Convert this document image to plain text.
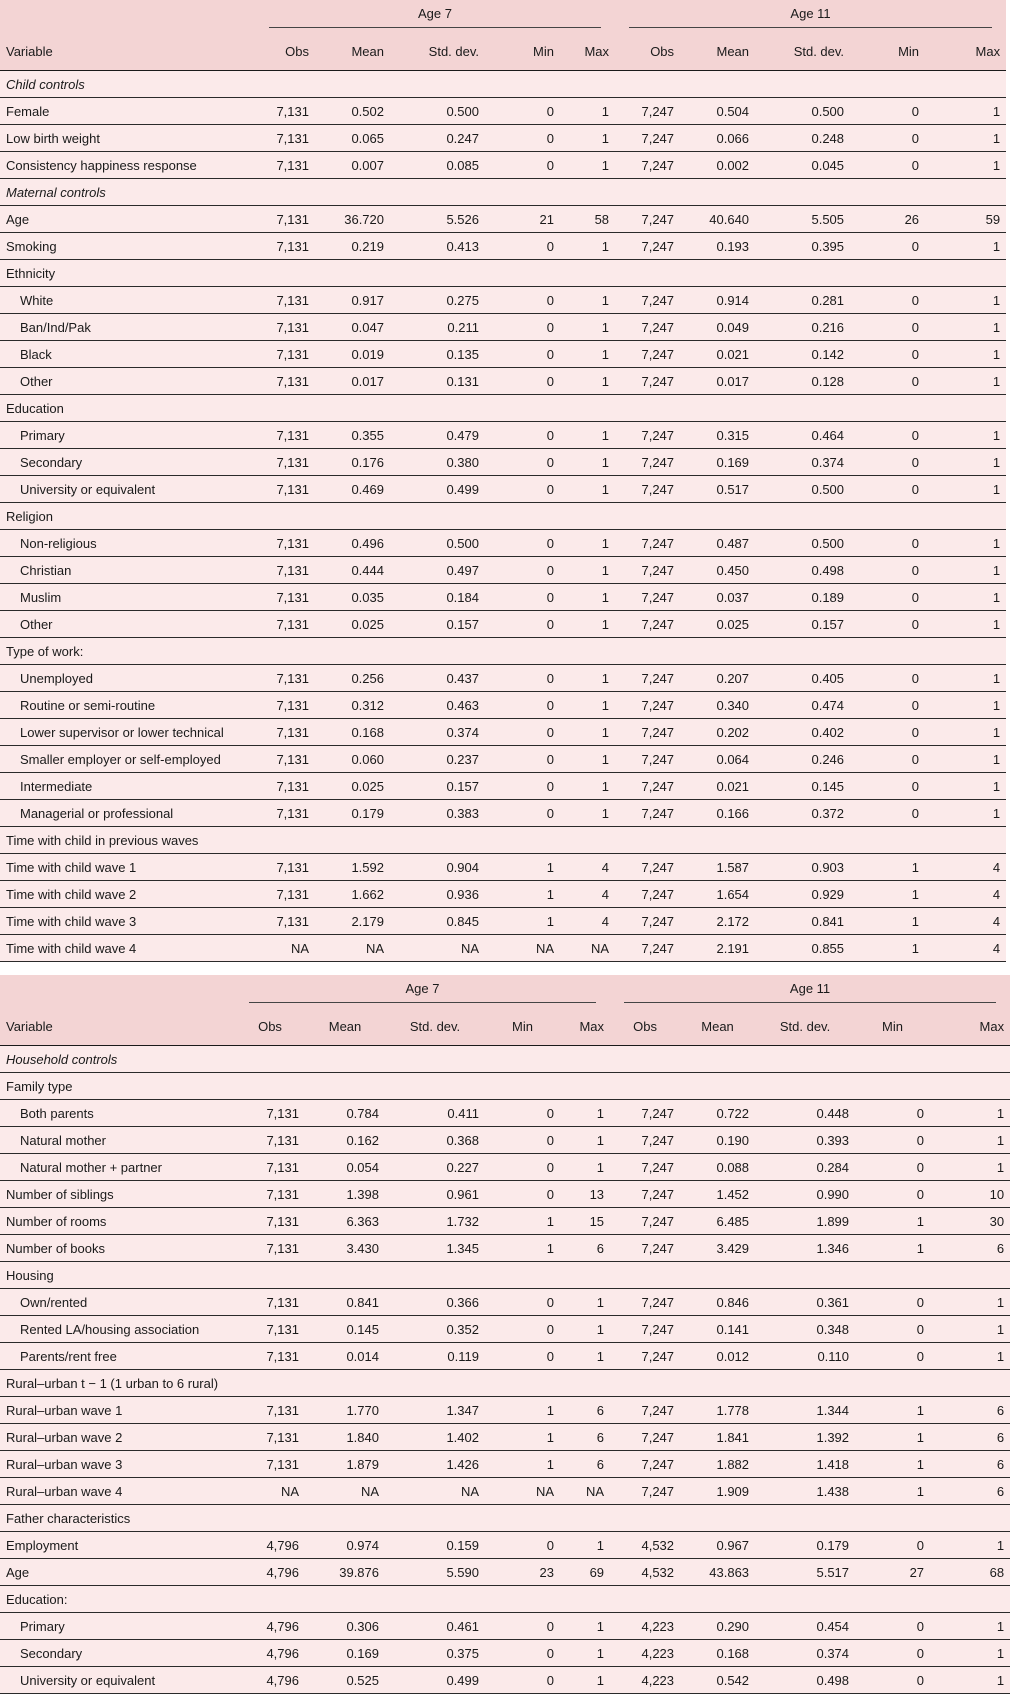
	Age 7					Age 11				

Variable	Obs	Mean	Std. dev.	Min	Max	Obs	Mean	Std. dev.	Min	Max
Child controls										
Female	7,131	0.502	0.500	0	1	7,247	0.504	0.500	0	1
Low birth weight	7,131	0.065	0.247	0	1	7,247	0.066	0.248	0	1
Consistency happiness response	7,131	0.007	0.085	0	1	7,247	0.002	0.045	0	1
Maternal controls										
Age	7,131	36.720	5.526	21	58	7,247	40.640	5.505	26	59
Smoking	7,131	0.219	0.413	0	1	7,247	0.193	0.395	0	1
Ethnicity										
White	7,131	0.917	0.275	0	1	7,247	0.914	0.281	0	1
Ban/Ind/Pak	7,131	0.047	0.211	0	1	7,247	0.049	0.216	0	1
Black	7,131	0.019	0.135	0	1	7,247	0.021	0.142	0	1
Other	7,131	0.017	0.131	0	1	7,247	0.017	0.128	0	1
Education										
Primary	7,131	0.355	0.479	0	1	7,247	0.315	0.464	0	1
Secondary	7,131	0.176	0.380	0	1	7,247	0.169	0.374	0	1
University or equivalent	7,131	0.469	0.499	0	1	7,247	0.517	0.500	0	1
Religion										
Non-religious	7,131	0.496	0.500	0	1	7,247	0.487	0.500	0	1
Christian	7,131	0.444	0.497	0	1	7,247	0.450	0.498	0	1
Muslim	7,131	0.035	0.184	0	1	7,247	0.037	0.189	0	1
Other	7,131	0.025	0.157	0	1	7,247	0.025	0.157	0	1
Type of work:										
Unemployed	7,131	0.256	0.437	0	1	7,247	0.207	0.405	0	1
Routine or semi-routine	7,131	0.312	0.463	0	1	7,247	0.340	0.474	0	1
Lower supervisor or lower technical	7,131	0.168	0.374	0	1	7,247	0.202	0.402	0	1
Smaller employer or self-employed	7,131	0.060	0.237	0	1	7,247	0.064	0.246	0	1
Intermediate	7,131	0.025	0.157	0	1	7,247	0.021	0.145	0	1
Managerial or professional	7,131	0.179	0.383	0	1	7,247	0.166	0.372	0	1
Time with child in previous waves										
Time with child wave 1	7,131	1.592	0.904	1	4	7,247	1.587	0.903	1	4
Time with child wave 2	7,131	1.662	0.936	1	4	7,247	1.654	0.929	1	4
Time with child wave 3	7,131	2.179	0.845	1	4	7,247	2.172	0.841	1	4
Time with child wave 4	NA	NA	NA	NA	NA	7,247	2.191	0.855	1	4

	Age 7					Age 11				

Variable	Obs	Mean	Std. dev.	Min	Max	Obs	Mean	Std. dev.	Min	Max
Household controls										
Family type										
Both parents	7,131	0.784	0.411	0	1	7,247	0.722	0.448	0	1
Natural mother	7,131	0.162	0.368	0	1	7,247	0.190	0.393	0	1
Natural mother + partner	7,131	0.054	0.227	0	1	7,247	0.088	0.284	0	1
Number of siblings	7,131	1.398	0.961	0	13	7,247	1.452	0.990	0	10
Number of rooms	7,131	6.363	1.732	1	15	7,247	6.485	1.899	1	30
Number of books	7,131	3.430	1.345	1	6	7,247	3.429	1.346	1	6
Housing										
Own/rented	7,131	0.841	0.366	0	1	7,247	0.846	0.361	0	1
Rented LA/housing association	7,131	0.145	0.352	0	1	7,247	0.141	0.348	0	1
Parents/rent free	7,131	0.014	0.119	0	1	7,247	0.012	0.110	0	1
Rural–urban t − 1 (1 urban to 6 rural)										
Rural–urban wave 1	7,131	1.770	1.347	1	6	7,247	1.778	1.344	1	6
Rural–urban wave 2	7,131	1.840	1.402	1	6	7,247	1.841	1.392	1	6
Rural–urban wave 3	7,131	1.879	1.426	1	6	7,247	1.882	1.418	1	6
Rural–urban wave 4	NA	NA	NA	NA	NA	7,247	1.909	1.438	1	6
Father characteristics										
Employment	4,796	0.974	0.159	0	1	4,532	0.967	0.179	0	1
Age	4,796	39.876	5.590	23	69	4,532	43.863	5.517	27	68
Education:										
Primary	4,796	0.306	0.461	0	1	4,223	0.290	0.454	0	1
Secondary	4,796	0.169	0.375	0	1	4,223	0.168	0.374	0	1
University or equivalent	4,796	0.525	0.499	0	1	4,223	0.542	0.498	0	1
